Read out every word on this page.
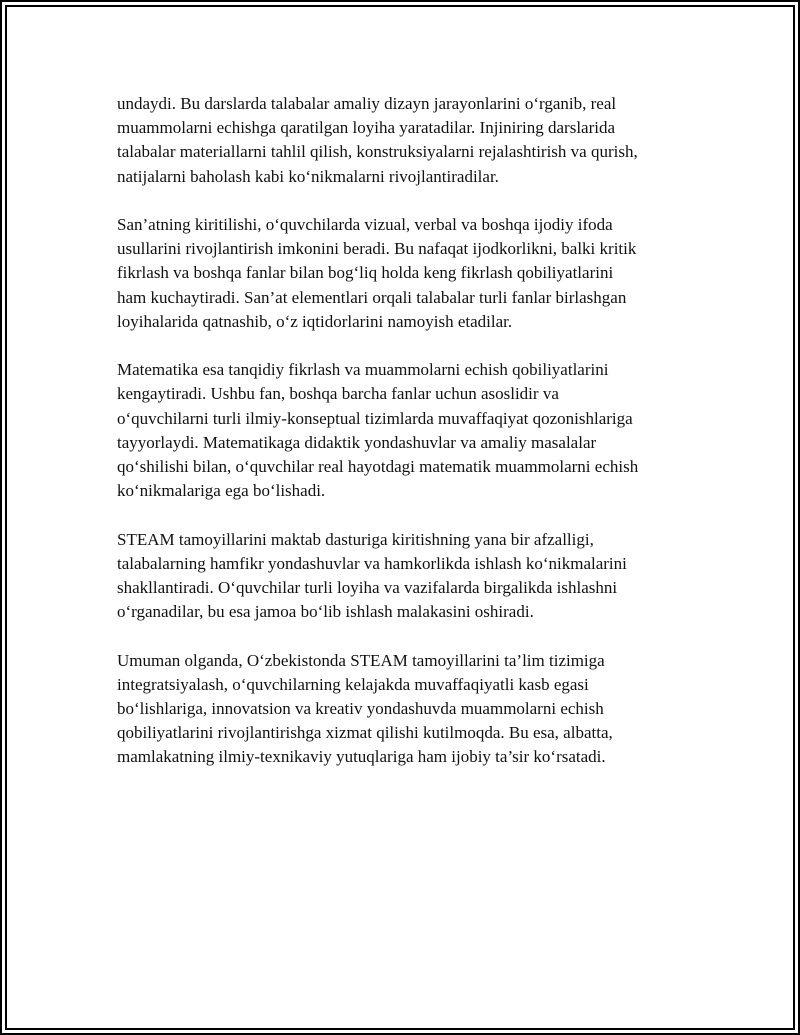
undaydi. Bu darslarda talabalar amaliy dizayn jarayonlarini o‘rganib, real
muammolarni echishga qaratilgan loyiha yaratadilar. Injiniring darslarida
talabalar materiallarni tahlil qilish, konstruksiyalarni rejalashtirish va qurish,
natijalarni baholash kabi ko‘nikmalarni rivojlantiradilar.

San’atning kiritilishi, o‘quvchilarda vizual, verbal va boshqa ijodiy ifoda
usullarini rivojlantirish imkonini beradi. Bu nafaqat ijodkorlikni, balki kritik
fikrlash va boshqa fanlar bilan bog‘liq holda keng fikrlash qobiliyatlarini
ham kuchaytiradi. San’at elementlari orqali talabalar turli fanlar birlashgan
loyihalarida qatnashib, o‘z iqtidorlarini namoyish etadilar.

Matematika esa tanqidiy fikrlash va muammolarni echish qobiliyatlarini
kengaytiradi. Ushbu fan, boshqa barcha fanlar uchun asoslidir va
o‘quvchilarni turli ilmiy-konseptual tizimlarda muvaffaqiyat qozonishlariga
tayyorlaydi. Matematikaga didaktik yondashuvlar va amaliy masalalar
qo‘shilishi bilan, o‘quvchilar real hayotdagi matematik muammolarni echish
ko‘nikmalariga ega bo‘lishadi.

STEAM tamoyillarini maktab dasturiga kiritishning yana bir afzalligi,
talabalarning hamfikr yondashuvlar va hamkorlikda ishlash ko‘nikmalarini
shakllantiradi. O‘quvchilar turli loyiha va vazifalarda birgalikda ishlashni
o‘rganadilar, bu esa jamoa bo‘lib ishlash malakasini oshiradi.

Umuman olganda, O‘zbekistonda STEAM tamoyillarini ta’lim tizimiga
integratsiyalash, o‘quvchilarning kelajakda muvaffaqiyatli kasb egasi
bo‘lishlariga, innovatsion va kreativ yondashuvda muammolarni echish
qobiliyatlarini rivojlantirishga xizmat qilishi kutilmoqda. Bu esa, albatta,
mamlakatning ilmiy-texnikaviy yutuqlariga ham ijobiy ta’sir ko‘rsatadi.
